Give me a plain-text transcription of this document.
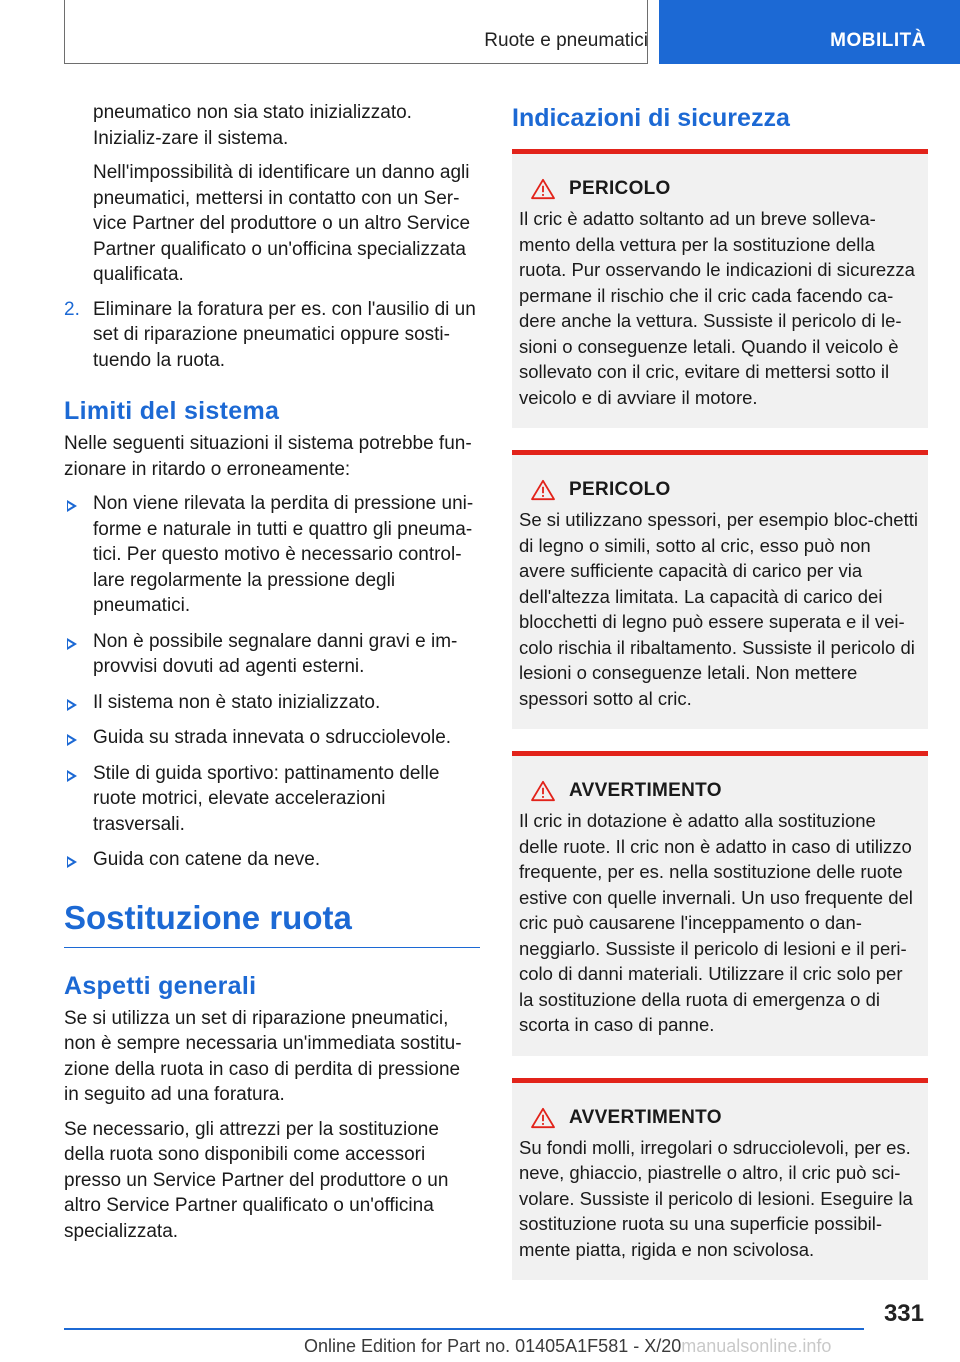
Ruote e pneumatici	MOBILITÀ

pneumatico non sia stato inizializzato. Inizializ-zare il sistema.

Nell'impossibilità di identificare un danno agli pneumatici, mettersi in contatto con un Ser-vice Partner del produttore o un altro Service Partner qualificato o un'officina specializzata qualificata.

2. Eliminare la foratura per es. con l'ausilio di un set di riparazione pneumatici oppure sosti-tuendo la ruota.
Limiti del sistema

Nelle seguenti situazioni il sistema potrebbe fun-zionare in ritardo o erroneamente:

Non viene rilevata la perdita di pressione uni-forme e naturale in tutti e quattro gli pneuma-tici. Per questo motivo è necessario control-lare regolarmente la pressione degli pneumatici.
Non è possibile segnalare danni gravi e im-provvisi dovuti ad agenti esterni.
Il sistema non è stato inizializzato.
Guida su strada innevata o sdrucciolevole.
Stile di guida sportivo: pattinamento delle ruote motrici, elevate accelerazioni trasversali.
Guida con catene da neve.
Sostituzione ruota
Aspetti generali

Se si utilizza un set di riparazione pneumatici, non è sempre necessaria un'immediata sostitu-zione della ruota in caso di perdita di pressione in seguito ad una foratura.

Se necessario, gli attrezzi per la sostituzione della ruota sono disponibili come accessori presso un Service Partner del produttore o un altro Service Partner qualificato o un'officina specializzata.

Indicazioni di sicurezza
PERICOLO

Il cric è adatto soltanto ad un breve solleva-mento della vettura per la sostituzione della ruota. Pur osservando le indicazioni di sicurezza permane il rischio che il cric cada facendo ca-dere anche la vettura. Sussiste il pericolo di le-sioni o conseguenze letali. Quando il veicolo è sollevato con il cric, evitare di mettersi sotto il veicolo e di avviare il motore.

PERICOLO

Se si utilizzano spessori, per esempio bloc-chetti di legno o simili, sotto al cric, esso può non avere sufficiente capacità di carico per via dell'altezza limitata. La capacità di carico dei blocchetti di legno può essere superata e il vei-colo rischia il ribaltamento. Sussiste il pericolo di lesioni o conseguenze letali. Non mettere spessori sotto al cric.

AVVERTIMENTO

Il cric in dotazione è adatto alla sostituzione delle ruote. Il cric non è adatto in caso di utilizzo frequente, per es. nella sostituzione delle ruote estive con quelle invernali. Un uso frequente del cric può causarene l'inceppamento o dan-neggiarlo. Sussiste il pericolo di lesioni e il peri-colo di danni materiali. Utilizzare il cric solo per la sostituzione della ruota di emergenza o di scorta in caso di panne.

AVVERTIMENTO

Su fondi molli, irregolari o sdrucciolevoli, per es. neve, ghiaccio, piastrelle o altro, il cric può sci-volare. Sussiste il pericolo di lesioni. Eseguire la sostituzione ruota su una superficie possibil-mente piatta, rigida e non scivolosa.

331
Online Edition for Part no. 01405A1F581 - X/20manualsonline.info
